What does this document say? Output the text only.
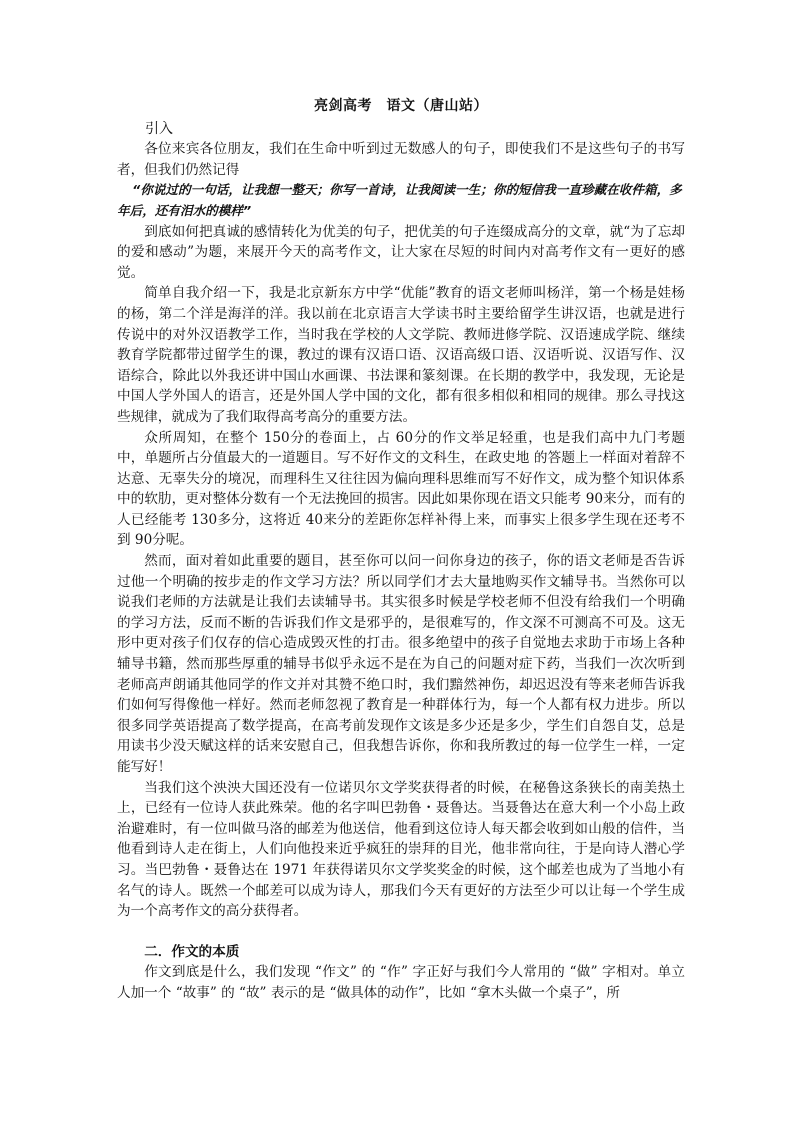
亮剑高考　语文（唐山站）
引入

各位来宾各位朋友，我们在生命中听到过无数感人的句子，即使我们不是这些句子的书写者，但我们仍然记得

“你说过的一句话，让我想一整天；你写一首诗，让我阅读一生；你的短信我一直珍藏在收件箱，多年后，还有泪水的模样”

到底如何把真诚的感情转化为优美的句子，把优美的句子连缀成高分的文章，就“为了忘却的爱和感动”为题，来展开今天的高考作文，让大家在尽短的时间内对高考作文有一更好的感觉。

简单自我介绍一下，我是北京新东方中学“优能”教育的语文老师叫杨洋，第一个杨是娃杨的杨，第二个洋是海洋的洋。我以前在北京语言大学读书时主要给留学生讲汉语，也就是进行传说中的对外汉语教学工作，当时我在学校的人文学院、教师进修学院、汉语速成学院、继续教育学院都带过留学生的课，教过的课有汉语口语、汉语高级口语、汉语听说、汉语写作、汉语综合，除此以外我还讲中国山水画课、书法课和篆刻课。在长期的教学中，我发现，无论是中国人学外国人的语言，还是外国人学中国的文化，都有很多相似和相同的规律。那么寻找这些规律，就成为了我们取得高考高分的重要方法。

众所周知，在整个 150分的卷面上，占 60分的作文举足轻重，也是我们高中九门考题中，单题所占分值最大的一道题目。写不好作文的文科生，在政史地 的答题上一样面对着辞不达意、无辜失分的境况，而理科生又往往因为偏向理科思维而写不好作文，成为整个知识体系中的软肋，更对整体分数有一个无法挽回的损害。因此如果你现在语文只能考 90来分，而有的人已经能考 130多分，这将近 40来分的差距你怎样补得上来，而事实上很多学生现在还考不到 90分呢。

然而，面对着如此重要的题目，甚至你可以问一问你身边的孩子，你的语文老师是否告诉过他一个明确的按步走的作文学习方法？所以同学们才去大量地购买作文辅导书。当然你可以说我们老师的方法就是让我们去读辅导书。其实很多时候是学校老师不但没有给我们一个明确的学习方法，反而不断的告诉我们作文是邪乎的，是很难写的，作文深不可测高不可及。这无形中更对孩子们仅存的信心造成毁灭性的打击。很多绝望中的孩子自觉地去求助于市场上各种辅导书籍，然而那些厚重的辅导书似乎永远不是在为自己的问题对症下药，当我们一次次听到老师高声朗诵其他同学的作文并对其赞不绝口时，我们黯然神伤，却迟迟没有等来老师告诉我们如何写得像他一样好。然而老师忽视了教育是一种群体行为，每一个人都有权力进步。所以很多同学英语提高了数学提高，在高考前发现作文该是多少还是多少，学生们自怨自艾，总是用读书少没天赋这样的话来安慰自己，但我想告诉你，你和我所教过的每一位学生一样，一定能写好！

当我们这个泱泱大国还没有一位诺贝尔文学奖获得者的时候，在秘鲁这条狭长的南美热土上，已经有一位诗人获此殊荣。他的名字叫巴勃鲁・聂鲁达。当聂鲁达在意大利一个小岛上政治避难时，有一位叫做马洛的邮差为他送信，他看到这位诗人每天都会收到如山般的信件，当他看到诗人走在街上，人们向他投来近乎疯狂的崇拜的目光，他非常向往，于是向诗人潜心学习。当巴勃鲁・聂鲁达在 1971 年获得诺贝尔文学奖奖金的时候，这个邮差也成为了当地小有名气的诗人。既然一个邮差可以成为诗人，那我们今天有更好的方法至少可以让每一个学生成为一个高考作文的高分获得者。

二．作文的本质

作文到底是什么，我们发现 “作文” 的 “作” 字正好与我们今人常用的 “做” 字相对。单立人加一个 “故事” 的 “故” 表示的是 “做具体的动作”，比如 “拿木头做一个桌子”，所
